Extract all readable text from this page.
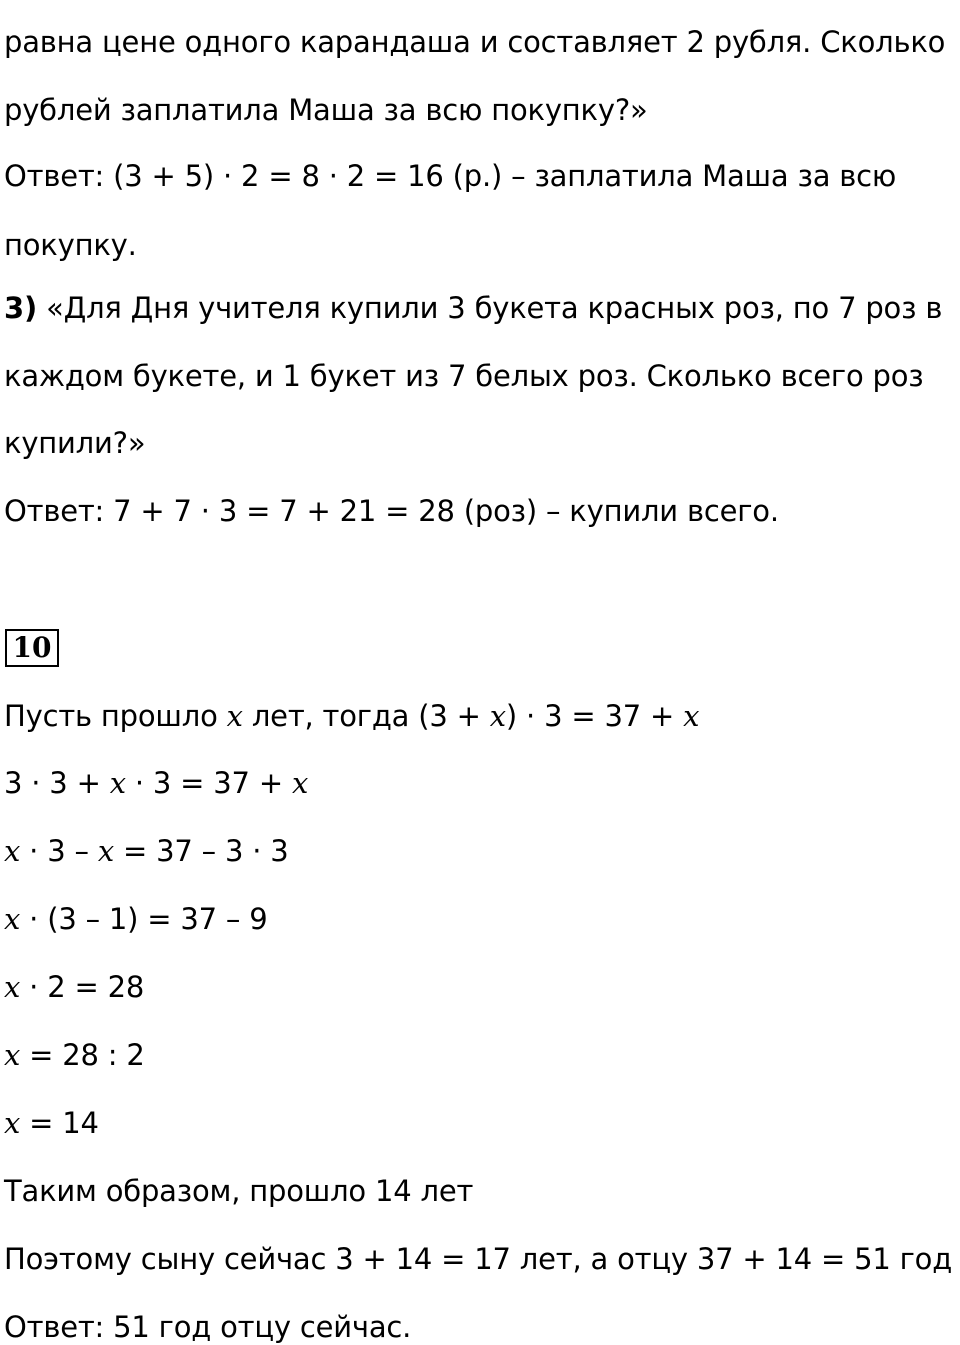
равна цене одного карандаша и составляет 2 рубля. Сколько
рублей заплатила Маша за всю покупку?»
Ответ: (3 + 5) · 2 = 8 · 2 = 16 (р.) – заплатила Маша за всю
покупку.
3) «Для Дня учителя купили 3 букета красных роз, по 7 роз в
каждом букете, и 1 букет из 7 белых роз. Сколько всего роз
купили?»
Ответ: 7 + 7 · 3 = 7 + 21 = 28 (роз) – купили всего.
10
Пусть прошло x лет, тогда (3 + x) · 3 = 37 + x
3 · 3 + x · 3 = 37 + x
x · 3 – x = 37 – 3 · 3
x · (3 – 1) = 37 – 9
x · 2 = 28
x = 28 : 2
x = 14
Таким образом, прошло 14 лет
Поэтому сыну сейчас 3 + 14 = 17 лет, а отцу 37 + 14 = 51 год
Ответ: 51 год отцу сейчас.
